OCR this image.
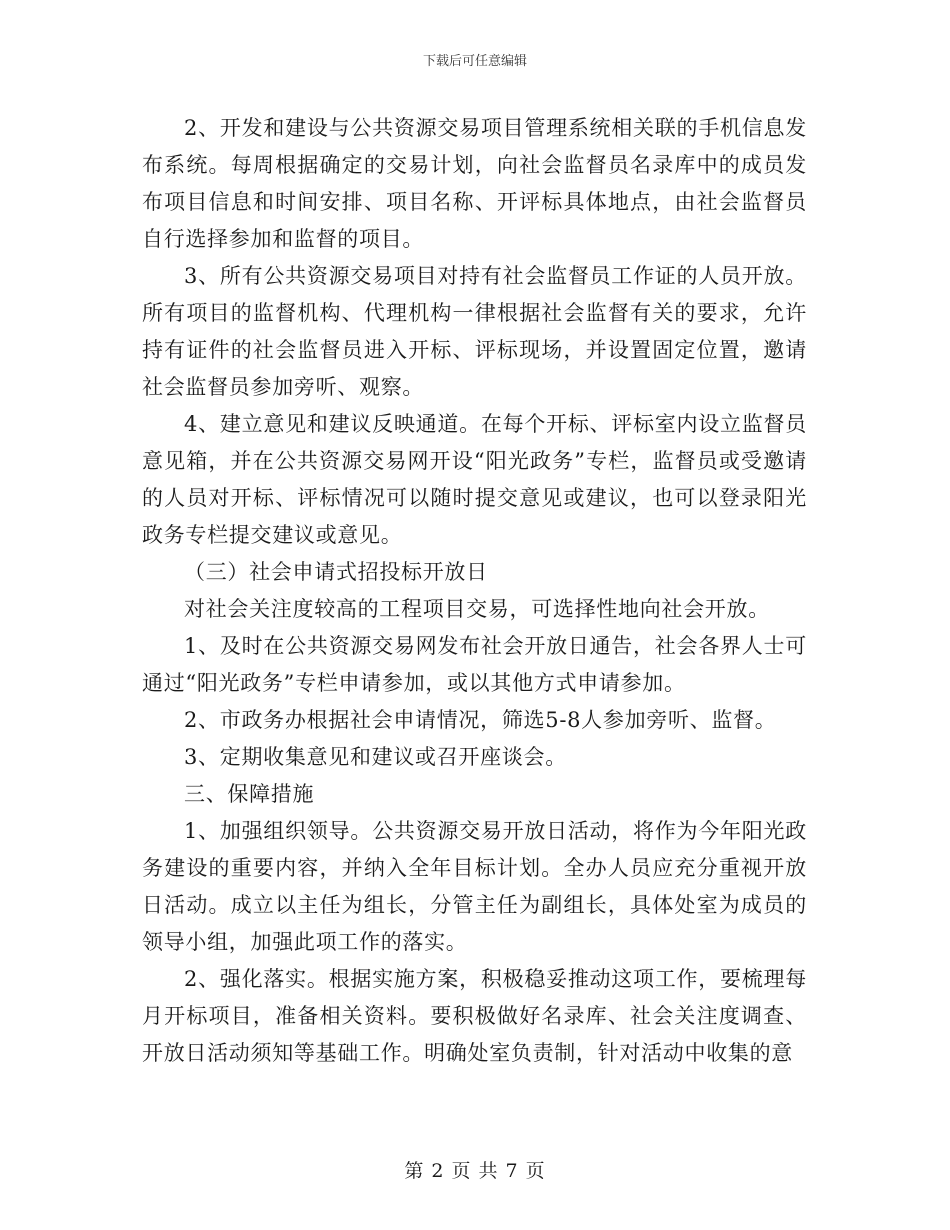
下载后可任意编辑

2、开发和建设与公共资源交易项目管理系统相关联的手机信息发布系统。每周根据确定的交易计划，向社会监督员名录库中的成员发布项目信息和时间安排、项目名称、开评标具体地点，由社会监督员自行选择参加和监督的项目。

3、所有公共资源交易项目对持有社会监督员工作证的人员开放。所有项目的监督机构、代理机构一律根据社会监督有关的要求，允许持有证件的社会监督员进入开标、评标现场，并设置固定位置，邀请社会监督员参加旁听、观察。

4、建立意见和建议反映通道。在每个开标、评标室内设立监督员意见箱，并在公共资源交易网开设“阳光政务”专栏，监督员或受邀请的人员对开标、评标情况可以随时提交意见或建议，也可以登录阳光政务专栏提交建议或意见。

（三）社会申请式招投标开放日

对社会关注度较高的工程项目交易，可选择性地向社会开放。

1、及时在公共资源交易网发布社会开放日通告，社会各界人士可通过“阳光政务”专栏申请参加，或以其他方式申请参加。

2、市政务办根据社会申请情况，筛选5-8人参加旁听、监督。

3、定期收集意见和建议或召开座谈会。

三、保障措施

1、加强组织领导。公共资源交易开放日活动，将作为今年阳光政务建设的重要内容，并纳入全年目标计划。全办人员应充分重视开放日活动。成立以主任为组长，分管主任为副组长，具体处室为成员的领导小组，加强此项工作的落实。

2、强化落实。根据实施方案，积极稳妥推动这项工作，要梳理每月开标项目，准备相关资料。要积极做好名录库、社会关注度调查、开放日活动须知等基础工作。明确处室负责制，针对活动中收集的意

第 2 页 共 7 页
